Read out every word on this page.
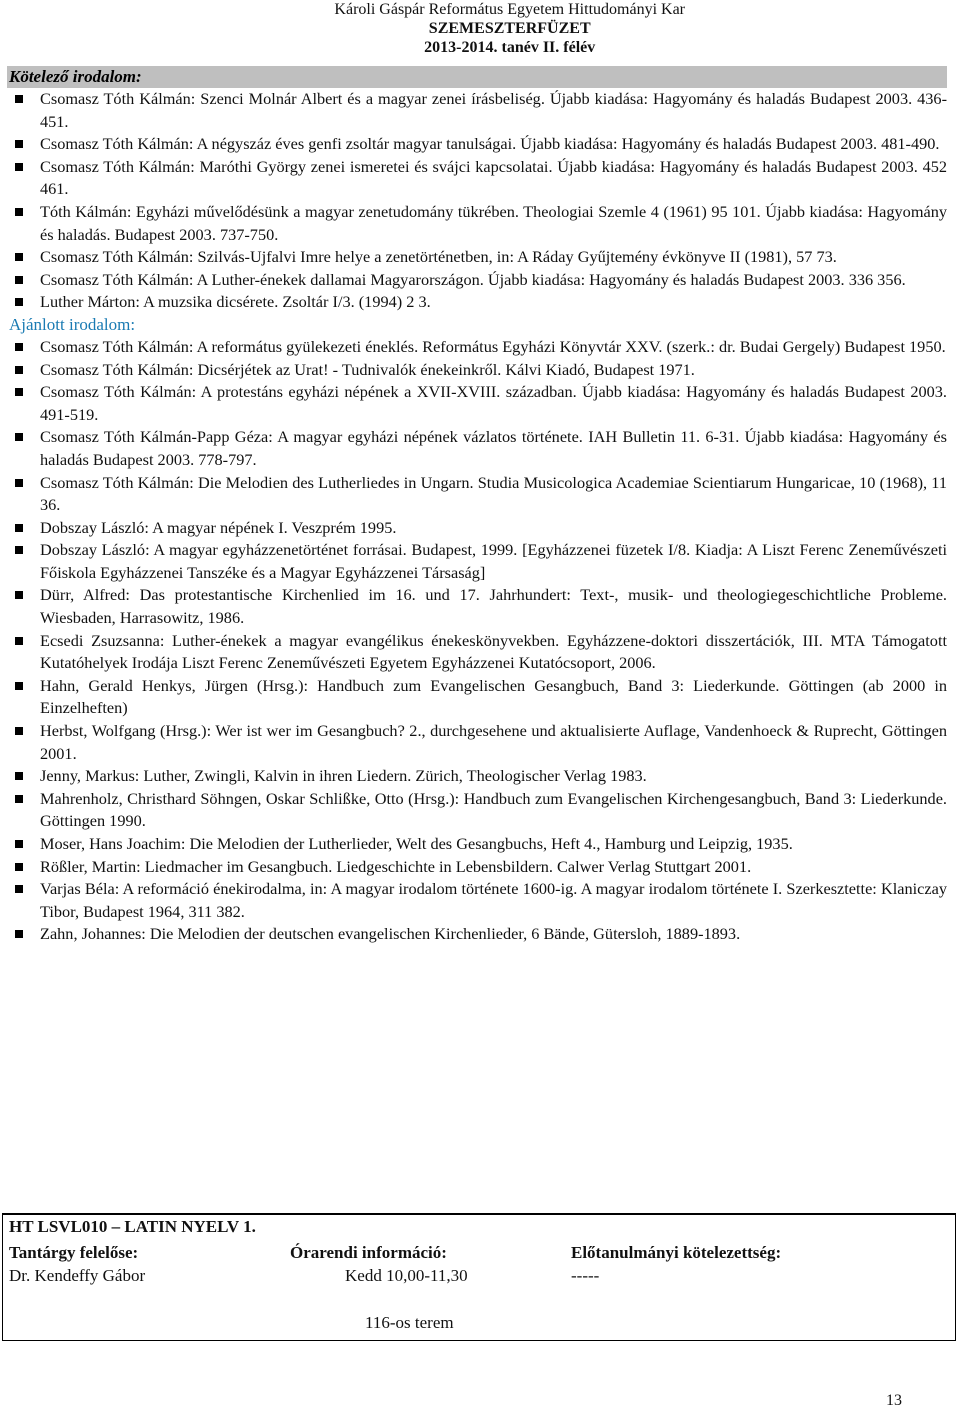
Károli Gáspár Református Egyetem Hittudományi Kar
SZEMESZTERFÜZET
2013-2014. tanév II. félév
Kötelező irodalom:
Csomasz Tóth Kálmán: Szenci Molnár Albert és a magyar zenei írásbeliség. Újabb kiadása: Hagyomány és haladás Budapest 2003. 436-451.
Csomasz Tóth Kálmán: A négyszáz éves genfi zsoltár magyar tanulságai. Újabb kiadása: Hagyomány és haladás Budapest 2003. 481-490.
Csomasz Tóth Kálmán: Maróthi György zenei ismeretei és svájci kapcsolatai. Újabb kiadása: Hagyomány és haladás Budapest 2003. 452 461.
Tóth Kálmán: Egyházi művelődésünk a magyar zenetudomány tükrében. Theologiai Szemle 4 (1961) 95 101. Újabb kiadása: Hagyomány és haladás. Budapest 2003. 737-750.
Csomasz Tóth Kálmán: Szilvás-Ujfalvi Imre helye a zenetörténetben, in: A Ráday Gyűjtemény évkönyve II (1981), 57 73.
Csomasz Tóth Kálmán: A Luther-énekek dallamai Magyarországon. Újabb kiadása: Hagyomány és haladás Budapest 2003. 336 356.
Luther Márton: A muzsika dicsérete. Zsoltár I/3. (1994) 2 3.
Ajánlott irodalom:
Csomasz Tóth Kálmán: A református gyülekezeti éneklés. Református Egyházi Könyvtár XXV. (szerk.: dr. Budai Gergely) Budapest 1950.
Csomasz Tóth Kálmán: Dicsérjétek az Urat! - Tudnivalók énekeinkről. Kálvi Kiadó, Budapest 1971.
Csomasz Tóth Kálmán: A protestáns egyházi népének a XVII-XVIII. században. Újabb kiadása: Hagyomány és haladás Budapest 2003. 491-519.
Csomasz Tóth Kálmán-Papp Géza: A magyar egyházi népének vázlatos története. IAH Bulletin 11. 6-31. Újabb kiadása: Hagyomány és haladás Budapest 2003. 778-797.
Csomasz Tóth Kálmán: Die Melodien des Lutherliedes in Ungarn. Studia Musicologica Academiae Scientiarum Hungaricae, 10 (1968), 11 36.
Dobszay László: A magyar népének I. Veszprém 1995.
Dobszay László: A magyar egyházzenetörténet forrásai. Budapest, 1999. [Egyházzenei füzetek I/8. Kiadja: A Liszt Ferenc Zeneművészeti Főiskola Egyházzenei Tanszéke és a Magyar Egyházzenei Társaság]
Dürr, Alfred: Das protestantische Kirchenlied im 16. und 17. Jahrhundert: Text-, musik- und theologiegeschichtliche Probleme. Wiesbaden, Harrasowitz, 1986.
Ecsedi Zsuzsanna: Luther-énekek a magyar evangélikus énekeskönyvekben. Egyházzene-doktori disszertációk, III. MTA Támogatott Kutatóhelyek Irodája Liszt Ferenc Zeneművészeti Egyetem Egyházzenei Kutatócsoport, 2006.
Hahn, Gerald Henkys, Jürgen (Hrsg.): Handbuch zum Evangelischen Gesangbuch, Band 3: Liederkunde. Göttingen (ab 2000 in Einzelheften)
Herbst, Wolfgang (Hrsg.): Wer ist wer im Gesangbuch? 2., durchgesehene und aktualisierte Auflage, Vandenhoeck & Ruprecht, Göttingen 2001.
Jenny, Markus: Luther, Zwingli, Kalvin in ihren Liedern. Zürich, Theologischer Verlag 1983.
Mahrenholz, Christhard Söhngen, Oskar Schlißke, Otto (Hrsg.): Handbuch zum Evangelischen Kirchengesangbuch, Band 3: Liederkunde. Göttingen 1990.
Moser, Hans Joachim: Die Melodien der Lutherlieder, Welt des Gesangbuchs, Heft 4., Hamburg und Leipzig, 1935.
Rößler, Martin: Liedmacher im Gesangbuch. Liedgeschichte in Lebensbildern. Calwer Verlag Stuttgart 2001.
Varjas Béla: A reformáció énekirodalma, in: A magyar irodalom története 1600-ig. A magyar irodalom története I. Szerkesztette: Klaniczay Tibor, Budapest 1964, 311 382.
Zahn, Johannes: Die Melodien der deutschen evangelischen Kirchenlieder, 6 Bände, Gütersloh, 1889-1893.
HT LSVL010 – LATIN NYELV 1.
Tantárgy felelőse:
Dr. Kendeffy Gábor
Órarendi információ:
Kedd 10,00-11,30
116-os terem
Előtanulmányi kötelezettség:
-----
13
